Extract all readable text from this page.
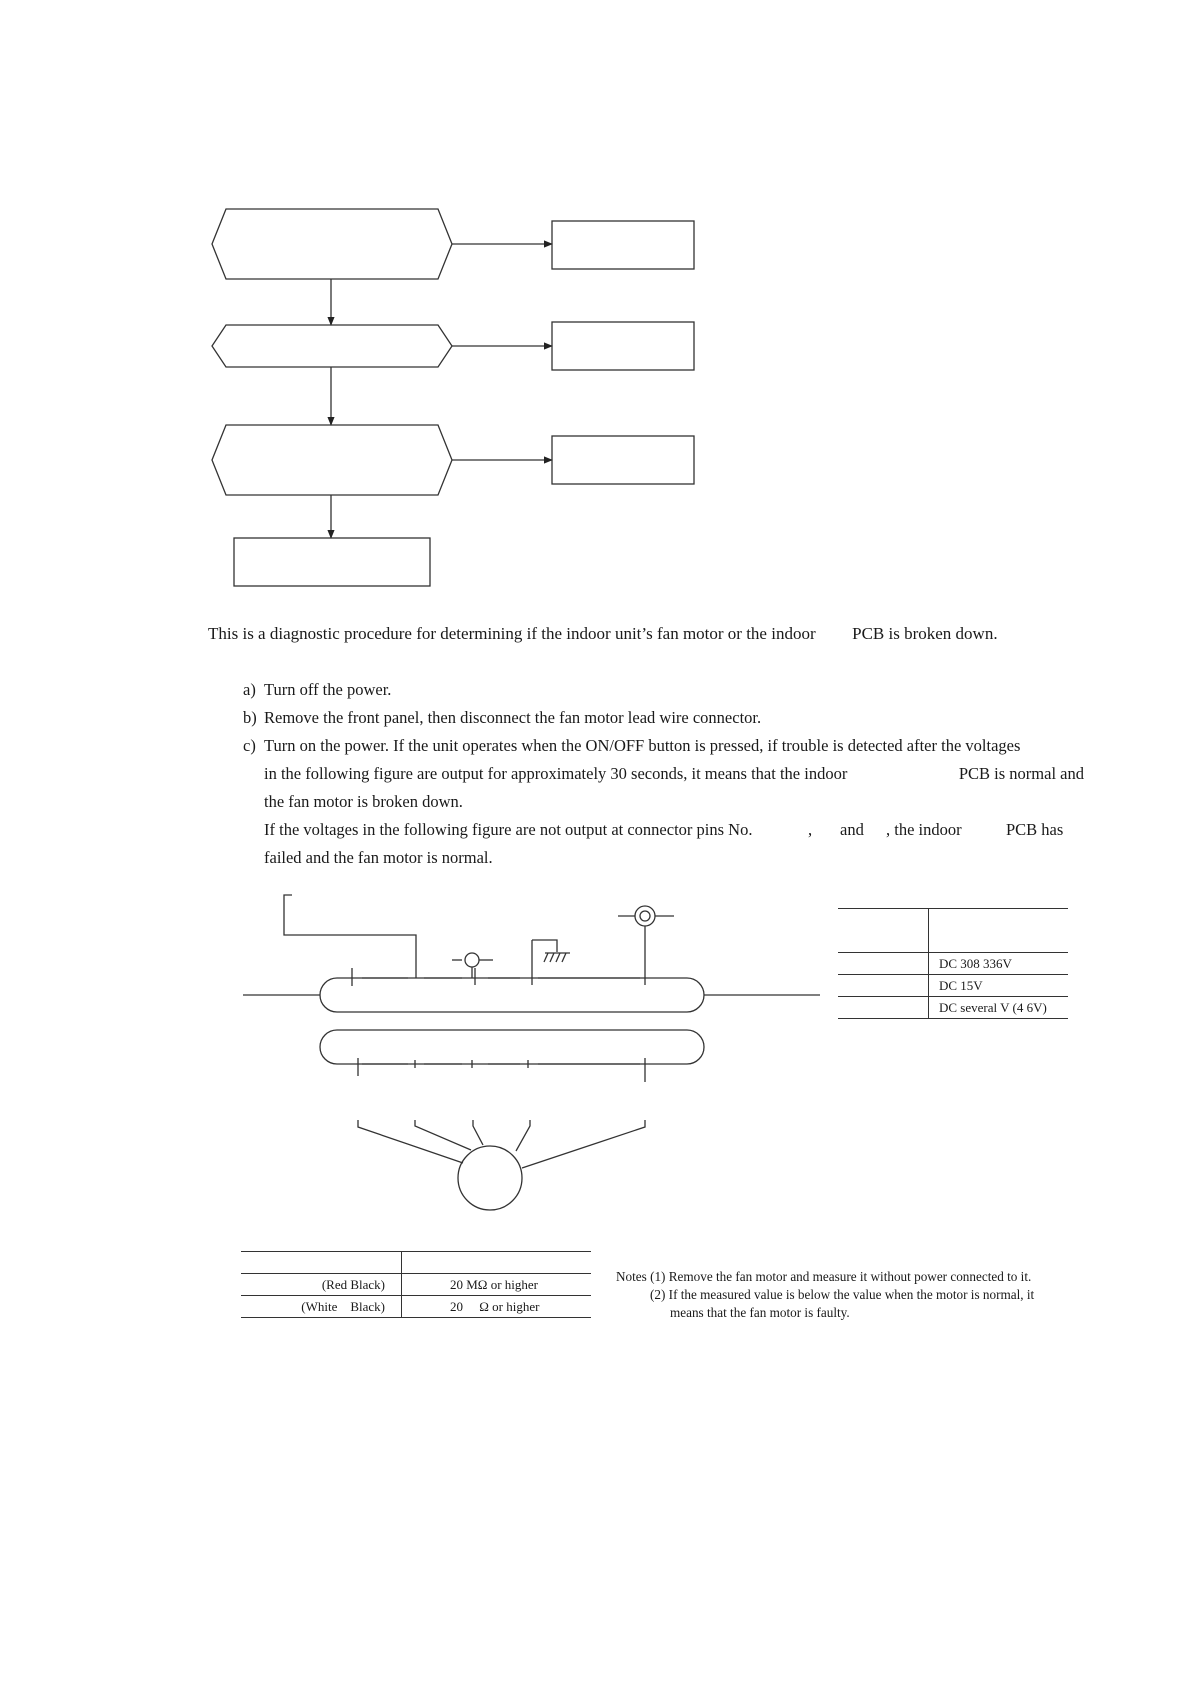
This is a diagnostic procedure for determining if the indoor unit’s fan motor or the indoor PCB is broken down.
a) Turn off the power.
b) Remove the front panel, then disconnect the fan motor lead wire connector.
c) Turn on the power. If the unit operates when the ON/OFF button is pressed, if trouble is detected after the voltages
in the following figure are output for approximately 30 seconds, it means that the indoor	PCB is normal and
the fan motor is broken down.
If the voltages in the following figure are not output at connector pins No.	, and , the indoor	PCB has
failed and the fan motor is normal.

	DC 308 336V
	DC 15V
	DC several V (4 6V)

(Red Black)	20 MΩ or higher
(White    Black)	20     Ω or higher
Notes (1) Remove the fan motor and measure it without power connected to it.
(2) If the measured value is below the value when the motor is normal, it
means that the fan motor is faulty.
